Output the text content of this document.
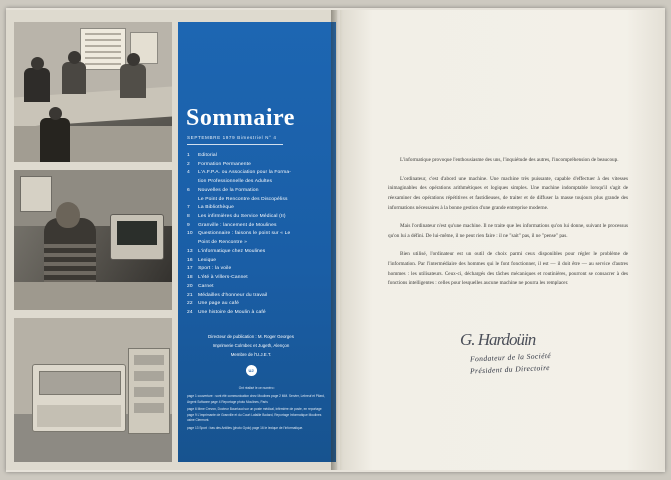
Sommaire
SEPTEMBRE 1979 Bimestriel N° 4
1	Editorial
2	Formation Permanente
4	L'A.F.P.A. ou Association pour la Forma-
tion Professionnelle des Adultes
6	Nouvelles de la Formation
Le Point de Rencontre des Discopéliss
7	La Bibliothèque
8	Les infirmières du Service Médical (II)
9	Granville : lancement de Moulines
10	Questionnaire : faisons le point sur « Le
Point de Rencontre »
13	L'informatique chez Moulines
16	Lexique
17	Sport : la voile
18	L'été à Villers-Cannet
20	Carnet
21	Médailles d'honneur du travail
22	Une page au café
24	Une histoire de Moulin à café
Directeur de publication : M. Roger Georges
Imprimerie Colmbec et Jugeth, Alençon
Membre de l'U.J.E.T.
UJ
Ont réalisé le ce numéro :

page 1 couverture : sont été communication chez Moulines page 2 MM. Servier, Lebreuf et Pilard, Argent Software page 4 Reportage photo Moulines, Paris

page 6 Mme Crevon, Docteur Bourriaud sur un poste médical, infirmière de poste, en reportage page 9 L'imprimante de Granville et du Court Lafaille Bodard, Reportage Informatique Moulines usine Clermont.

page 13 Sport : bas des Antilles (photo Gydo) page 16 le lexique de l'informatique.

L'informatique provoque l'enthousiasme des uns, l'inquiétude des autres, l'incompréhension de beaucoup.

L'ordinateur, c'est d'abord une machine. Une machine très puissante, capable d'effectuer à des vitesses inimaginables des opérations arithmétiques et logiques simples. Une machine indomptable lorsqu'il s'agit de réexaminer des opérations répétitives et fastidieuses, de traiter et de diffuser la masse toujours plus grande des informations nécessaires à la bonne gestion d'une grande entreprise moderne.

Mais l'ordinateur n'est qu'une machine. Il ne traite que les informations qu'on lui donne, suivant le processus qu'on lui a défini. De lui-même, il ne peut rien faire : il ne "sait" pas, il ne "pense" pas.

Bien utilisé, l'ordinateur est un outil de choix parmi ceux disponibles pour régler le problème de l'information. Par l'intermédiaire des hommes qui le font fonctionner, il est — il doit être — au service d'autres hommes : les utilisateurs. Ceux-ci, déchargés des tâches mécaniques et routinières, pourront se consacrer à des fonctions intelligentes : celles pour lesquelles aucune machine ne pourra les remplacer.

G. Hardoüin
Fondateur de la Société
Président du Directoire
